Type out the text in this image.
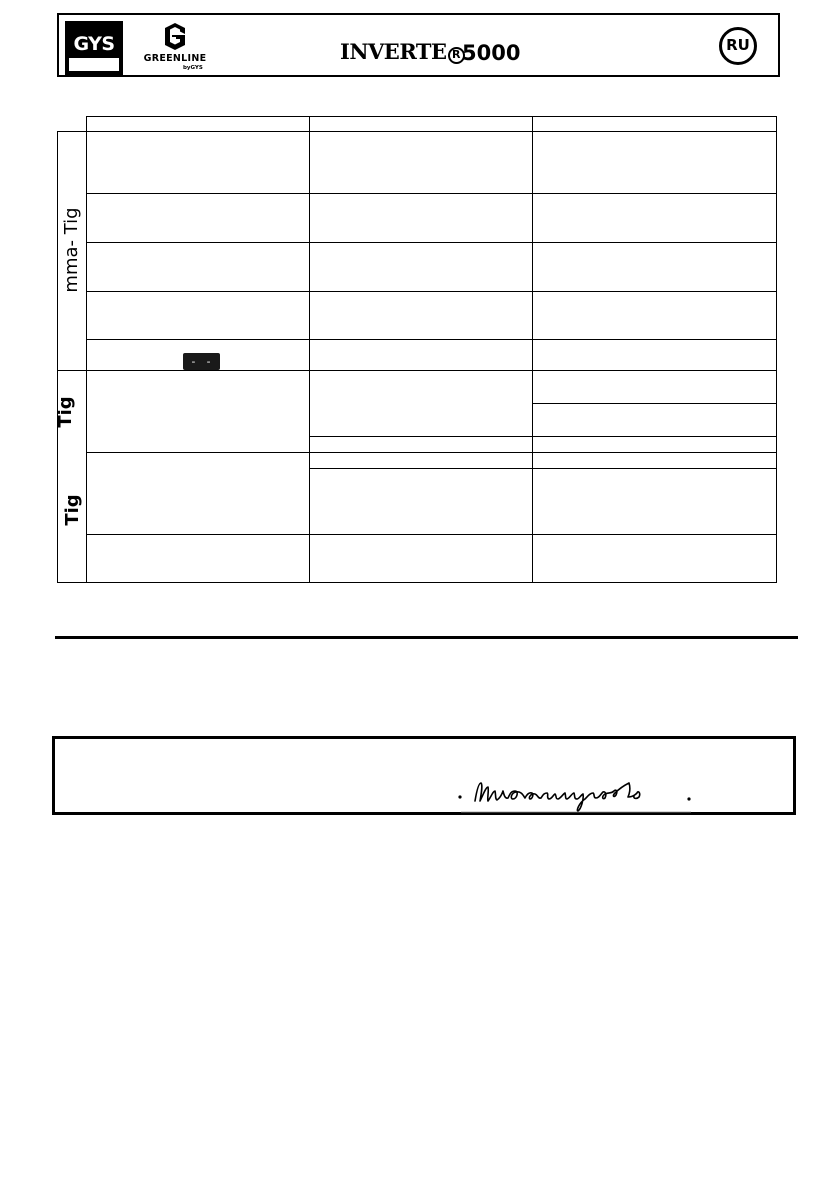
GYS
GREENLINE
byGYS
INVERTE R 5000	RU
mma- Tig
Tig
Tig
- - -
